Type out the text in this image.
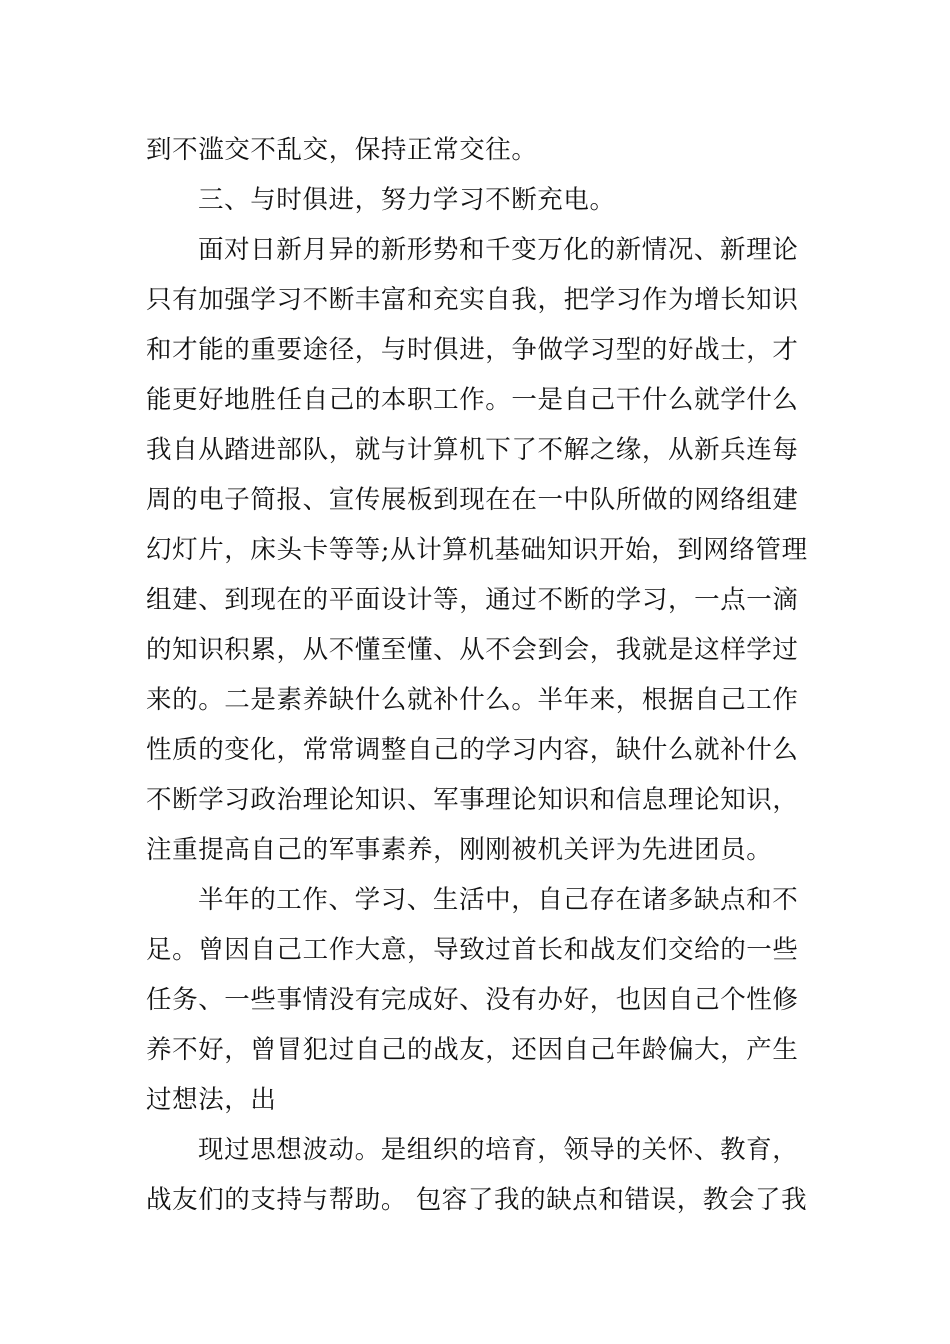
到不滥交不乱交，保持正常交往。
三、与时俱进，努力学习不断充电。
面对日新月异的新形势和千变万化的新情况、新理论
只有加强学习不断丰富和充实自我，把学习作为增长知识
和才能的重要途径，与时俱进，争做学习型的好战士，才
能更好地胜任自己的本职工作。一是自己干什么就学什么
我自从踏进部队，就与计算机下了不解之缘，从新兵连每
周的电子简报、宣传展板到现在在一中队所做的网络组建
幻灯片，床头卡等等;从计算机基础知识开始，到网络管理
组建、到现在的平面设计等，通过不断的学习，一点一滴
的知识积累，从不懂至懂、从不会到会，我就是这样学过
来的。二是素养缺什么就补什么。半年来，根据自己工作
性质的变化，常常调整自己的学习内容，缺什么就补什么
不断学习政治理论知识、军事理论知识和信息理论知识，
注重提高自己的军事素养，刚刚被机关评为先进团员。
半年的工作、学习、生活中，自己存在诸多缺点和不
足。曾因自己工作大意，导致过首长和战友们交给的一些
任务、一些事情没有完成好、没有办好，也因自己个性修
养不好，曾冒犯过自己的战友，还因自己年龄偏大，产生
过想法，出
现过思想波动。是组织的培育，领导的关怀、教育，
战友们的支持与帮助。 包容了我的缺点和错误，教会了我
